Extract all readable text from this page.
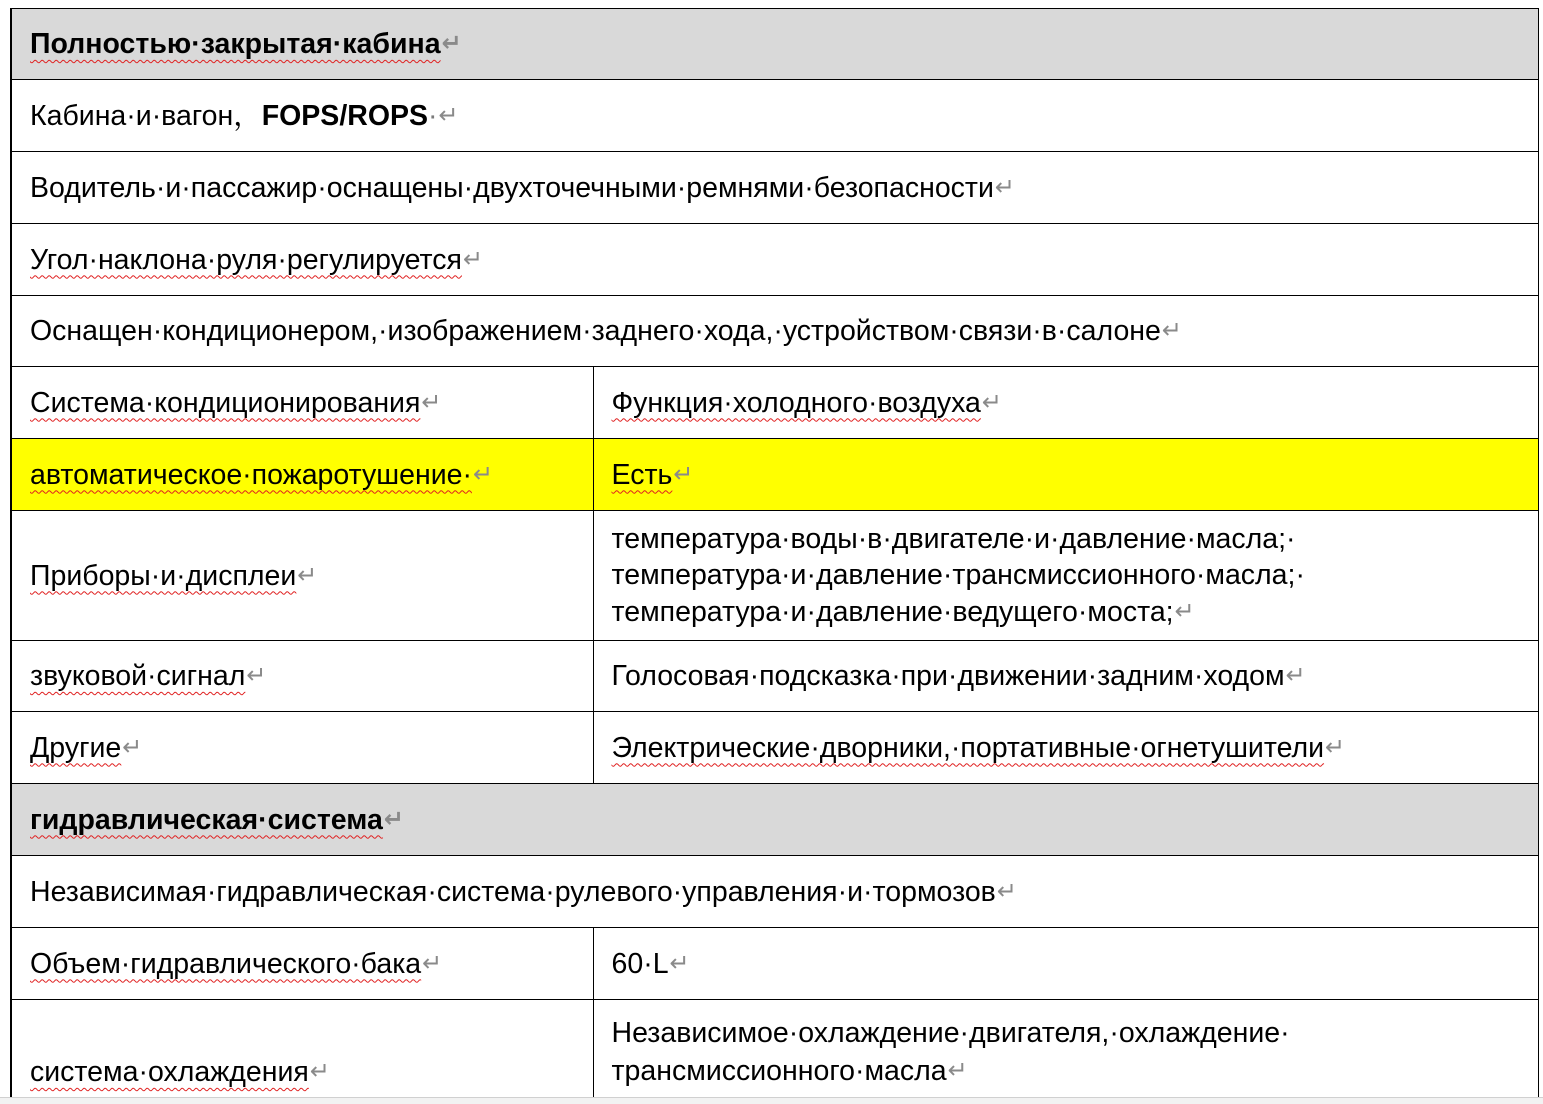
Полностью·закрытая·кабина↵	
Кабина·и·вагон，FOPS/ROPS·↵	
Водитель·и·пассажир·оснащены·двухточечными·ремнями·безопасности↵	
Угол·наклона·руля·регулируется↵	
Оснащен·кондиционером,·изображением·заднего·хода,·устройством·связи·в·салоне↵	
Система·кондиционирования↵	Функция·холодного·воздуха↵
автоматическое·пожаротушение·↵	Есть↵
Приборы·и·дисплеи↵	температура·воды·в·двигателе·и·давление·масла;·
температура·и·давление·трансмиссионного·масла;·
температура·и·давление·ведущего·моста;↵

звуковой·сигнал↵	Голосовая·подсказка·при·движении·задним·ходом↵
Другие↵	Электрические·дворники,·портативные·огнетушители↵
гидравлическая·система↵	
Независимая·гидравлическая·система·рулевого·управления·и·тормозов↵	
Объем·гидравлического·бака↵	60·L↵
система·охлаждения↵	Независимое·охлаждение·двигателя,·охлаждение·
трансмиссионного·масла↵
